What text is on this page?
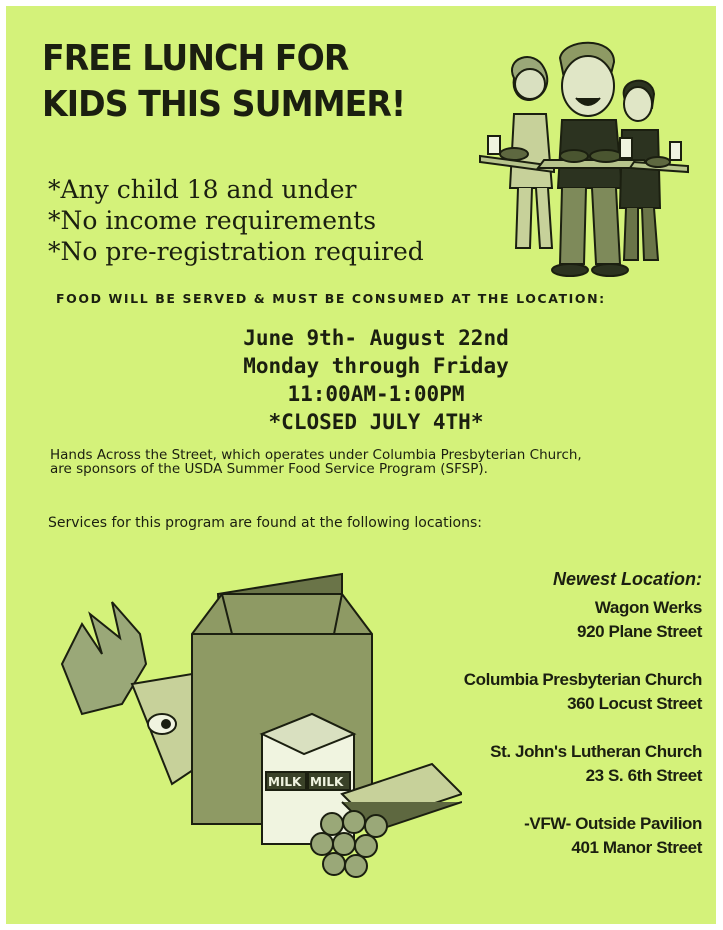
FREE LUNCH FOR
KIDS THIS SUMMER!
*Any child 18 and under
*No income requirements
*No pre-registration required
FOOD WILL BE SERVED & MUST BE CONSUMED AT THE LOCATION:
June 9th- August 22nd
Monday through Friday
11:00AM-1:00PM
*CLOSED JULY 4TH*
Hands Across the Street, which operates under Columbia Presbyterian Church,
are sponsors of the USDA Summer Food Service Program (SFSP).
Services for this program are found at the following locations:
MILK MILK
Newest Location:
Wagon Werks
920 Plane Street
Columbia Presbyterian Church
360 Locust Street
St. John's Lutheran Church
23 S. 6th Street
-VFW- Outside Pavilion
401 Manor Street
